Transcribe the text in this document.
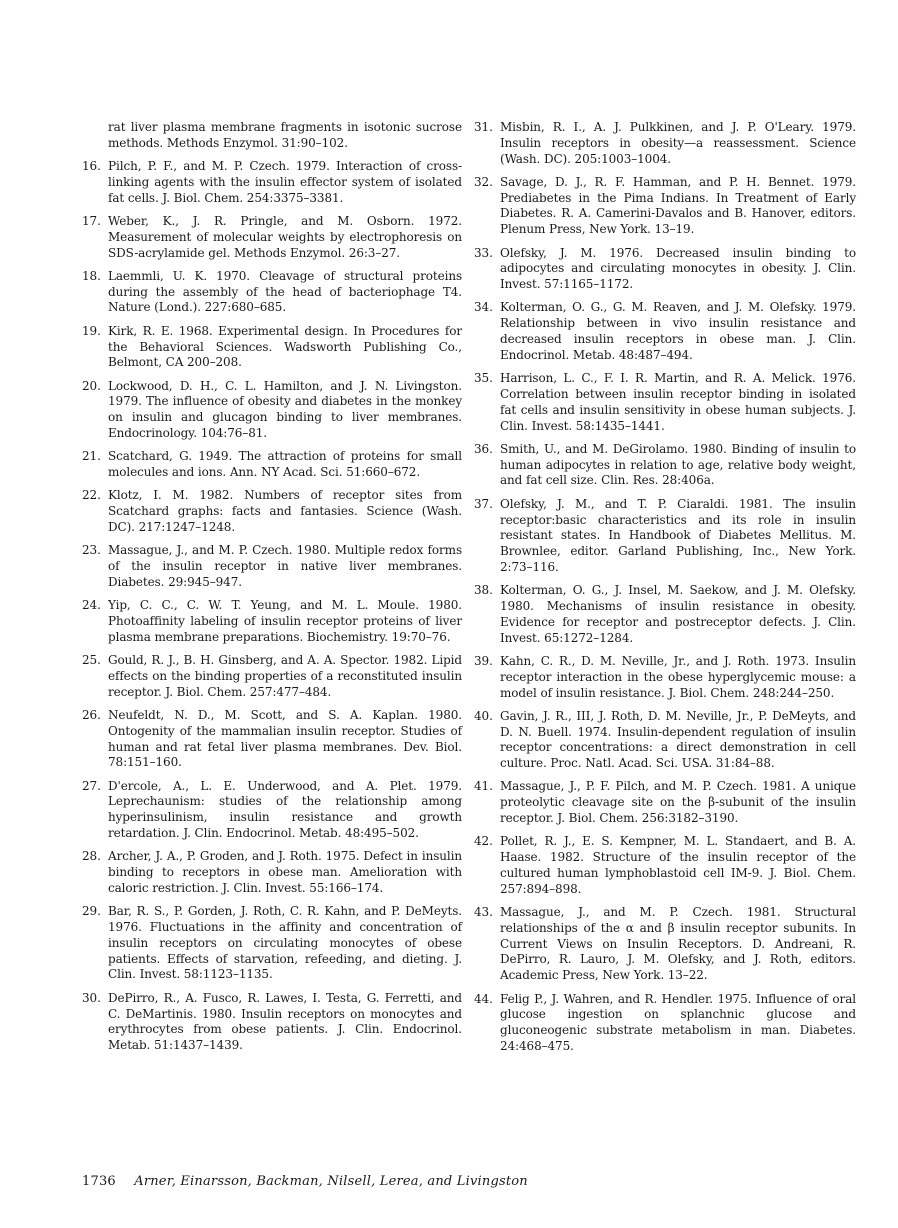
rat liver plasma membrane fragments in isotonic sucrose methods. Methods Enzymol. 31:90–102.
16. Pilch, P. F., and M. P. Czech. 1979. Interaction of cross-linking agents with the insulin effector system of isolated fat cells. J. Biol. Chem. 254:3375–3381.
17. Weber, K., J. R. Pringle, and M. Osborn. 1972. Measurement of molecular weights by electrophoresis on SDS-acrylamide gel. Methods Enzymol. 26:3–27.
18. Laemmli, U. K. 1970. Cleavage of structural proteins during the assembly of the head of bacteriophage T4. Nature (Lond.). 227:680–685.
19. Kirk, R. E. 1968. Experimental design. In Procedures for the Behavioral Sciences. Wadsworth Publishing Co., Belmont, CA 200–208.
20. Lockwood, D. H., C. L. Hamilton, and J. N. Livingston. 1979. The influence of obesity and diabetes in the monkey on insulin and glucagon binding to liver membranes. Endocrinology. 104:76–81.
21. Scatchard, G. 1949. The attraction of proteins for small molecules and ions. Ann. NY Acad. Sci. 51:660–672.
22. Klotz, I. M. 1982. Numbers of receptor sites from Scatchard graphs: facts and fantasies. Science (Wash. DC). 217:1247–1248.
23. Massague, J., and M. P. Czech. 1980. Multiple redox forms of the insulin receptor in native liver membranes. Diabetes. 29:945–947.
24. Yip, C. C., C. W. T. Yeung, and M. L. Moule. 1980. Photoaffinity labeling of insulin receptor proteins of liver plasma membrane preparations. Biochemistry. 19:70–76.
25. Gould, R. J., B. H. Ginsberg, and A. A. Spector. 1982. Lipid effects on the binding properties of a reconstituted insulin receptor. J. Biol. Chem. 257:477–484.
26. Neufeldt, N. D., M. Scott, and S. A. Kaplan. 1980. Ontogenity of the mammalian insulin receptor. Studies of human and rat fetal liver plasma membranes. Dev. Biol. 78:151–160.
27. D'ercole, A., L. E. Underwood, and A. Plet. 1979. Leprechaunism: studies of the relationship among hyperinsulinism, insulin resistance and growth retardation. J. Clin. Endocrinol. Metab. 48:495–502.
28. Archer, J. A., P. Groden, and J. Roth. 1975. Defect in insulin binding to receptors in obese man. Amelioration with caloric restriction. J. Clin. Invest. 55:166–174.
29. Bar, R. S., P. Gorden, J. Roth, C. R. Kahn, and P. DeMeyts. 1976. Fluctuations in the affinity and concentration of insulin receptors on circulating monocytes of obese patients. Effects of starvation, refeeding, and dieting. J. Clin. Invest. 58:1123–1135.
30. DePirro, R., A. Fusco, R. Lawes, I. Testa, G. Ferretti, and C. DeMartinis. 1980. Insulin receptors on monocytes and erythrocytes from obese patients. J. Clin. Endocrinol. Metab. 51:1437–1439.
31. Misbin, R. I., A. J. Pulkkinen, and J. P. O'Leary. 1979. Insulin receptors in obesity—a reassessment. Science (Wash. DC). 205:1003–1004.
32. Savage, D. J., R. F. Hamman, and P. H. Bennet. 1979. Prediabetes in the Pima Indians. In Treatment of Early Diabetes. R. A. Camerini-Davalos and B. Hanover, editors. Plenum Press, New York. 13–19.
33. Olefsky, J. M. 1976. Decreased insulin binding to adipocytes and circulating monocytes in obesity. J. Clin. Invest. 57:1165–1172.
34. Kolterman, O. G., G. M. Reaven, and J. M. Olefsky. 1979. Relationship between in vivo insulin resistance and decreased insulin receptors in obese man. J. Clin. Endocrinol. Metab. 48:487–494.
35. Harrison, L. C., F. I. R. Martin, and R. A. Melick. 1976. Correlation between insulin receptor binding in isolated fat cells and insulin sensitivity in obese human subjects. J. Clin. Invest. 58:1435–1441.
36. Smith, U., and M. DeGirolamo. 1980. Binding of insulin to human adipocytes in relation to age, relative body weight, and fat cell size. Clin. Res. 28:406a.
37. Olefsky, J. M., and T. P. Ciaraldi. 1981. The insulin receptor:basic characteristics and its role in insulin resistant states. In Handbook of Diabetes Mellitus. M. Brownlee, editor. Garland Publishing, Inc., New York. 2:73–116.
38. Kolterman, O. G., J. Insel, M. Saekow, and J. M. Olefsky. 1980. Mechanisms of insulin resistance in obesity. Evidence for receptor and postreceptor defects. J. Clin. Invest. 65:1272–1284.
39. Kahn, C. R., D. M. Neville, Jr., and J. Roth. 1973. Insulin receptor interaction in the obese hyperglycemic mouse: a model of insulin resistance. J. Biol. Chem. 248:244–250.
40. Gavin, J. R., III, J. Roth, D. M. Neville, Jr., P. DeMeyts, and D. N. Buell. 1974. Insulin-dependent regulation of insulin receptor concentrations: a direct demonstration in cell culture. Proc. Natl. Acad. Sci. USA. 31:84–88.
41. Massague, J., P. F. Pilch, and M. P. Czech. 1981. A unique proteolytic cleavage site on the β-subunit of the insulin receptor. J. Biol. Chem. 256:3182–3190.
42. Pollet, R. J., E. S. Kempner, M. L. Standaert, and B. A. Haase. 1982. Structure of the insulin receptor of the cultured human lymphoblastoid cell IM-9. J. Biol. Chem. 257:894–898.
43. Massague, J., and M. P. Czech. 1981. Structural relationships of the α and β insulin receptor subunits. In Current Views on Insulin Receptors. D. Andreani, R. DePirro, R. Lauro, J. M. Olefsky, and J. Roth, editors. Academic Press, New York. 13–22.
44. Felig P., J. Wahren, and R. Hendler. 1975. Influence of oral glucose ingestion on splanchnic glucose and gluconeogenic substrate metabolism in man. Diabetes. 24:468–475.
1736 Arner, Einarsson, Backman, Nilsell, Lerea, and Livingston
